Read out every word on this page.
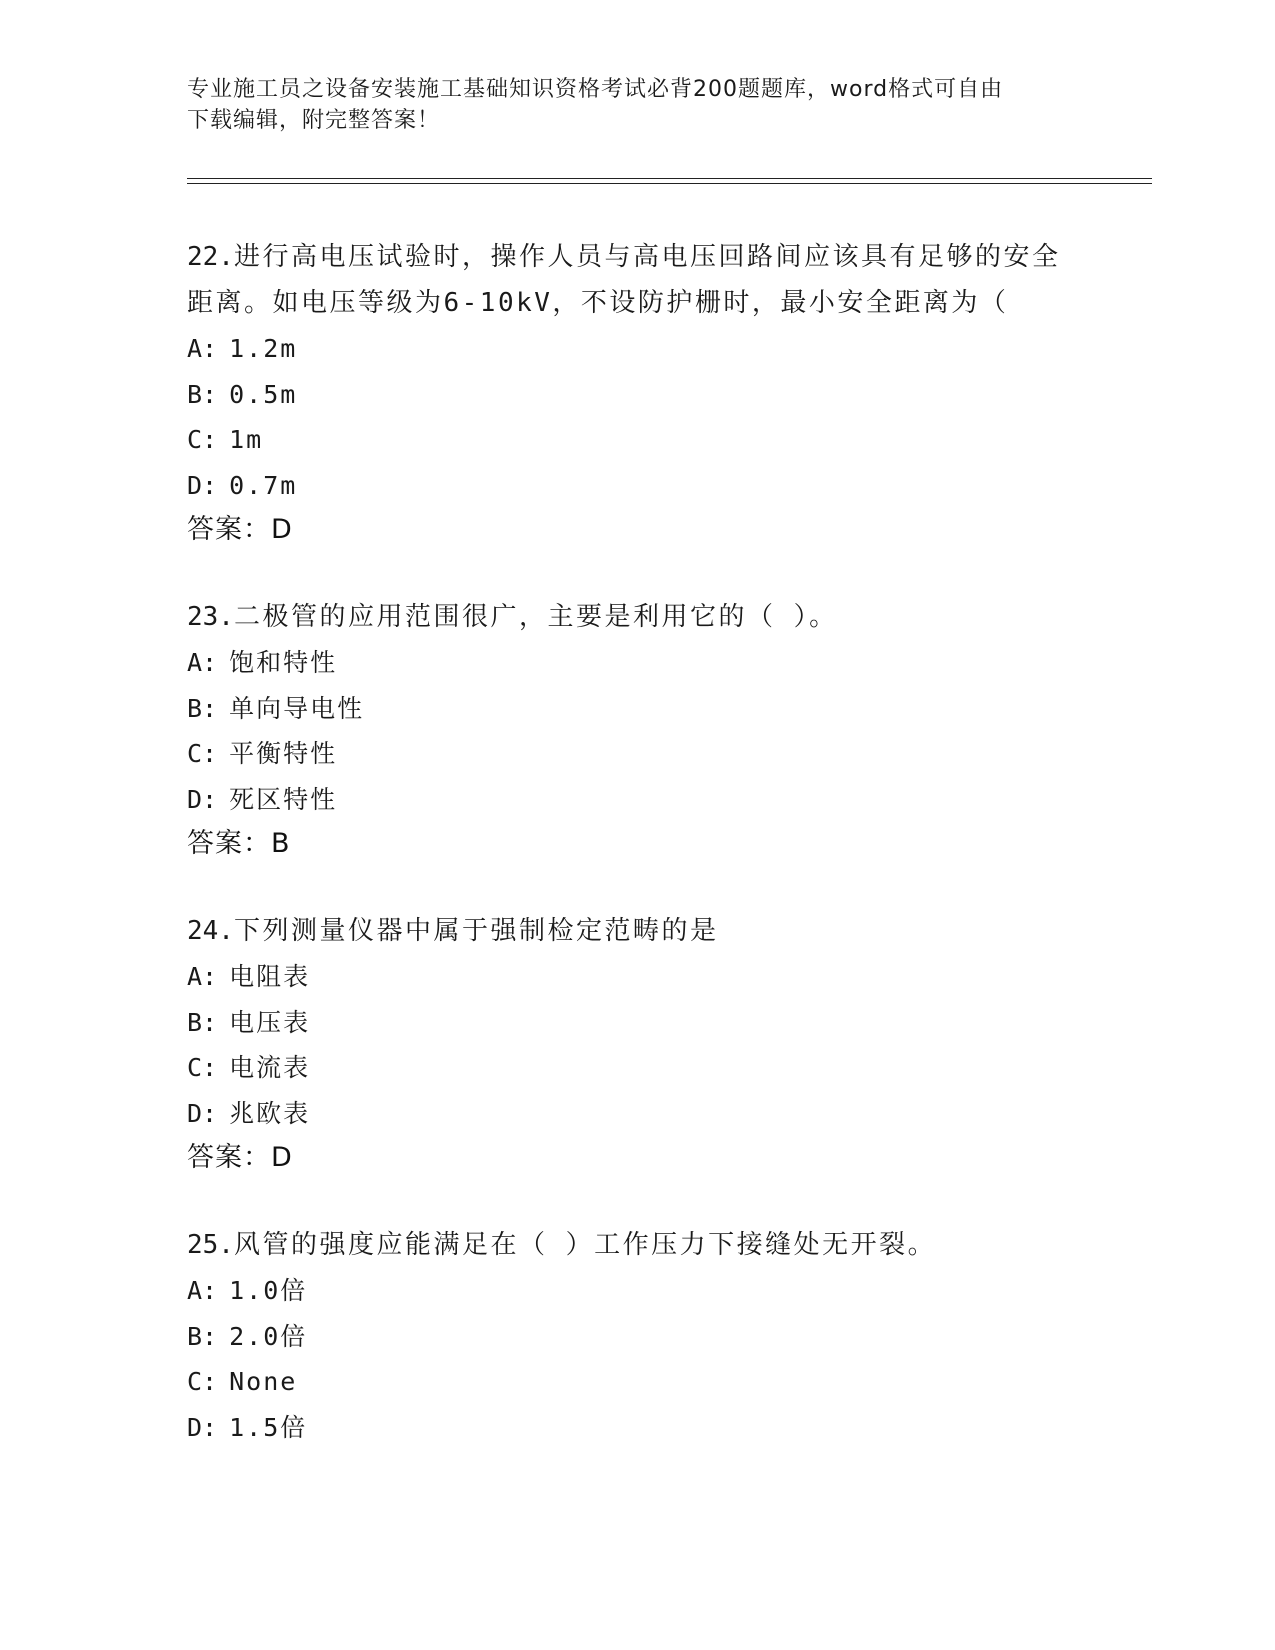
专业施工员之设备安装施工基础知识资格考试必背200题题库，word格式可自由
下载编辑，附完整答案！
22.进行高电压试验时，操作人员与高电压回路间应该具有足够的安全
距离。如电压等级为6-10kV，不设防护栅时，最小安全距离为（
A: 1.2m
B: 0.5m
C: 1m
D: 0.7m
答案：D
23.二极管的应用范围很广，主要是利用它的（ ）。
A: 饱和特性
B: 单向导电性
C: 平衡特性
D: 死区特性
答案：B
24.下列测量仪器中属于强制检定范畴的是
A: 电阻表
B: 电压表
C: 电流表
D: 兆欧表
答案：D
25.风管的强度应能满足在（ ）工作压力下接缝处无开裂。
A: 1.0倍
B: 2.0倍
C: None
D: 1.5倍
